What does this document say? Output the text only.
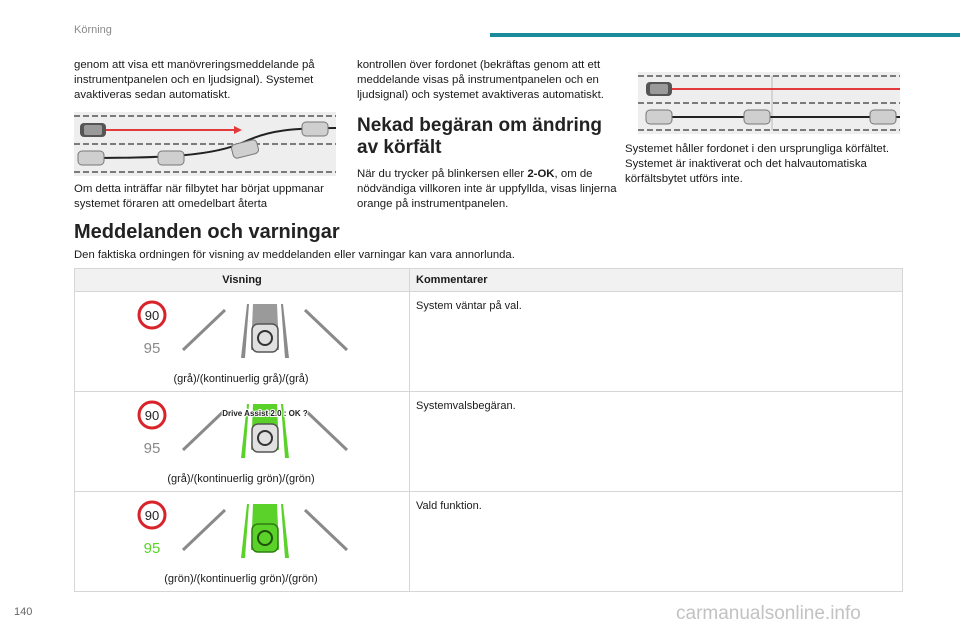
Körning

genom att visa ett manövreringsmeddelande på instrumentpanelen och en ljudsignal). Systemet avaktiveras sedan automatiskt.

Om detta inträffar när filbytet har börjat uppmanar systemet föraren att omedelbart återta

kontrollen över fordonet (bekräftas genom att ett meddelande visas på instrumentpanelen och en ljudsignal) och systemet avaktiveras automatiskt.

Nekad begäran om ändring av körfält

När du trycker på blinkersen eller 2-OK, om de nödvändiga villkoren inte är uppfyllda, visas linjerna orange på instrumentpanelen.

Systemet håller fordonet i den ursprungliga körfältet. Systemet är inaktiverat och det halvautomatiska körfältsbytet utförs inte.

Meddelanden och varningar
Den faktiska ordningen för visning av meddelanden eller varningar kan vara annorlunda.
Visning	Kommentarer

90
95
(grå)/(kontinuerlig grå)/(grå)	System väntar på val.

90
95
Drive Assist 2.0 : OK ?
(grå)/(kontinuerlig grön)/(grön)	Systemvalsbegäran.

90
95
(grön)/(kontinuerlig grön)/(grön)	Vald funktion.
140	carmanualsonline.info
